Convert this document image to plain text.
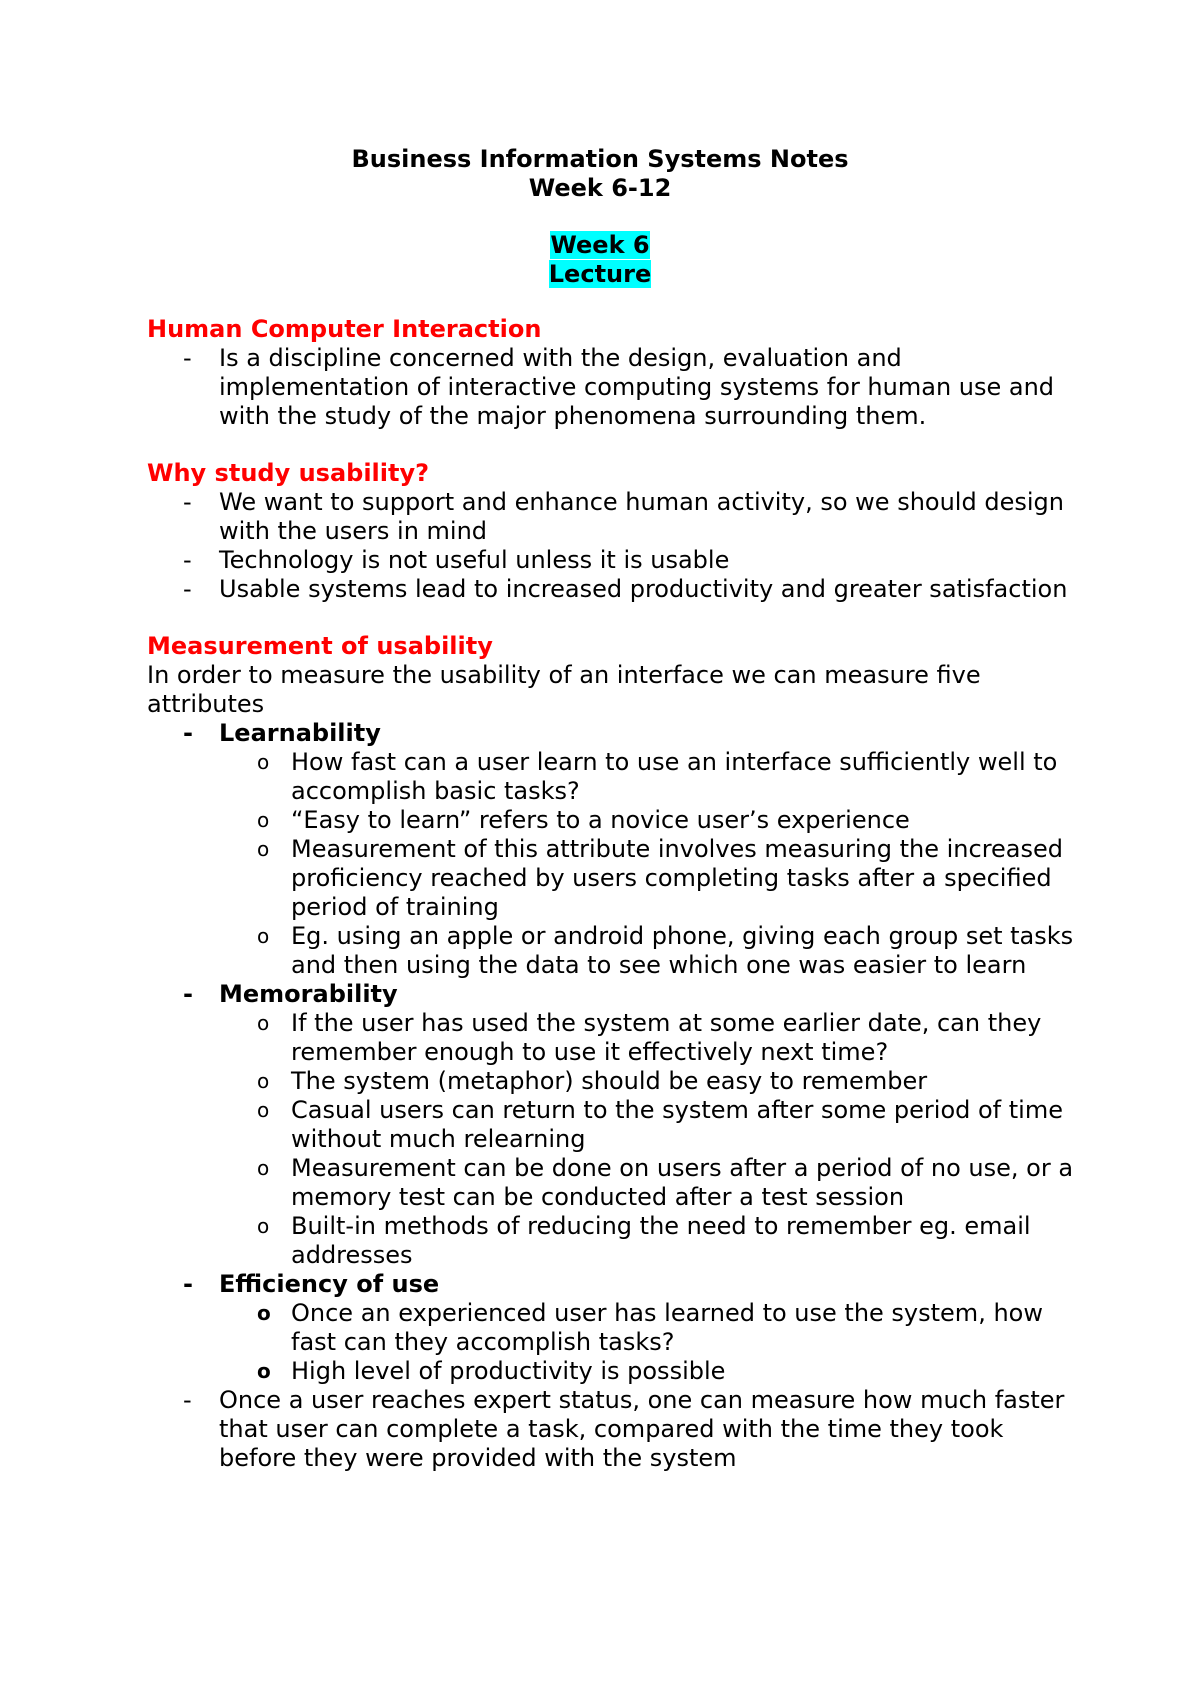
Business Information Systems Notes
Week 6-12
Week 6
Lecture
Human Computer Interaction
- Is a discipline concerned with the design, evaluation and implementation of interactive computing systems for human use and with the study of the major phenomena surrounding them.
Why study usability?
- We want to support and enhance human activity, so we should design with the users in mind
- Technology is not useful unless it is usable
- Usable systems lead to increased productivity and greater satisfaction
Measurement of usability

In order to measure the usability of an interface we can measure five attributes

- Learnability
o How fast can a user learn to use an interface sufficiently well to accomplish basic tasks?
o “Easy to learn” refers to a novice user’s experience
o Measurement of this attribute involves measuring the increased proficiency reached by users completing tasks after a specified period of training
o Eg. using an apple or android phone, giving each group set tasks and then using the data to see which one was easier to learn
- Memorability
o If the user has used the system at some earlier date, can they remember enough to use it effectively next time?
o The system (metaphor) should be easy to remember
o Casual users can return to the system after some period of time without much relearning
o Measurement can be done on users after a period of no use, or a memory test can be conducted after a test session
o Built-in methods of reducing the need to remember eg. email addresses
- Efficiency of use
o Once an experienced user has learned to use the system, how fast can they accomplish tasks?
o High level of productivity is possible
- Once a user reaches expert status, one can measure how much faster that user can complete a task, compared with the time they took before they were provided with the system
